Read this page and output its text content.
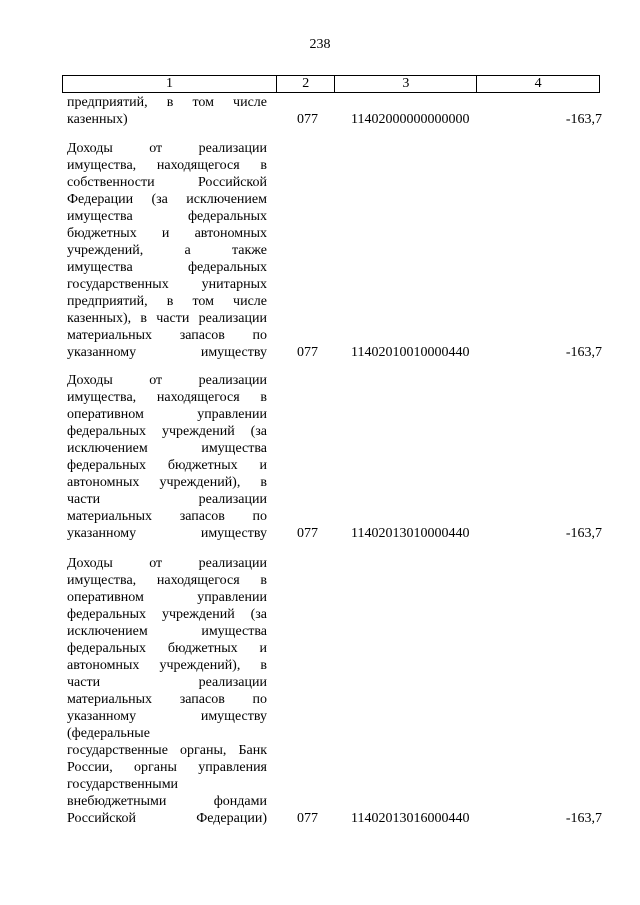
238
1	2	3	4
предприятий, в том числе
казенных)	077 11402000000000000	-163,7
Доходы от реализации
имущества, находящегося в
собственности Российской
Федерации (за исключением
имущества федеральных
бюджетных и автономных
учреждений, а также
имущества федеральных
государственных унитарных
предприятий, в том числе
казенных), в части реализации
материальных запасов по
указанному имуществу 077 11402010010000440	-163,7
Доходы от реализации
имущества, находящегося в
оперативном управлении
федеральных учреждений (за
исключением имущества
федеральных бюджетных и
автономных учреждений), в
части реализации
материальных запасов по
указанному имуществу 077 11402013010000440	-163,7
Доходы от реализации
имущества, находящегося в
оперативном управлении
федеральных учреждений (за
исключением имущества
федеральных бюджетных и
автономных учреждений), в
части реализации
материальных запасов по
указанному имуществу
(федеральные
государственные органы, Банк
России, органы управления
государственными
внебюджетными фондами
Российской Федерации) 077 11402013016000440	-163,7
